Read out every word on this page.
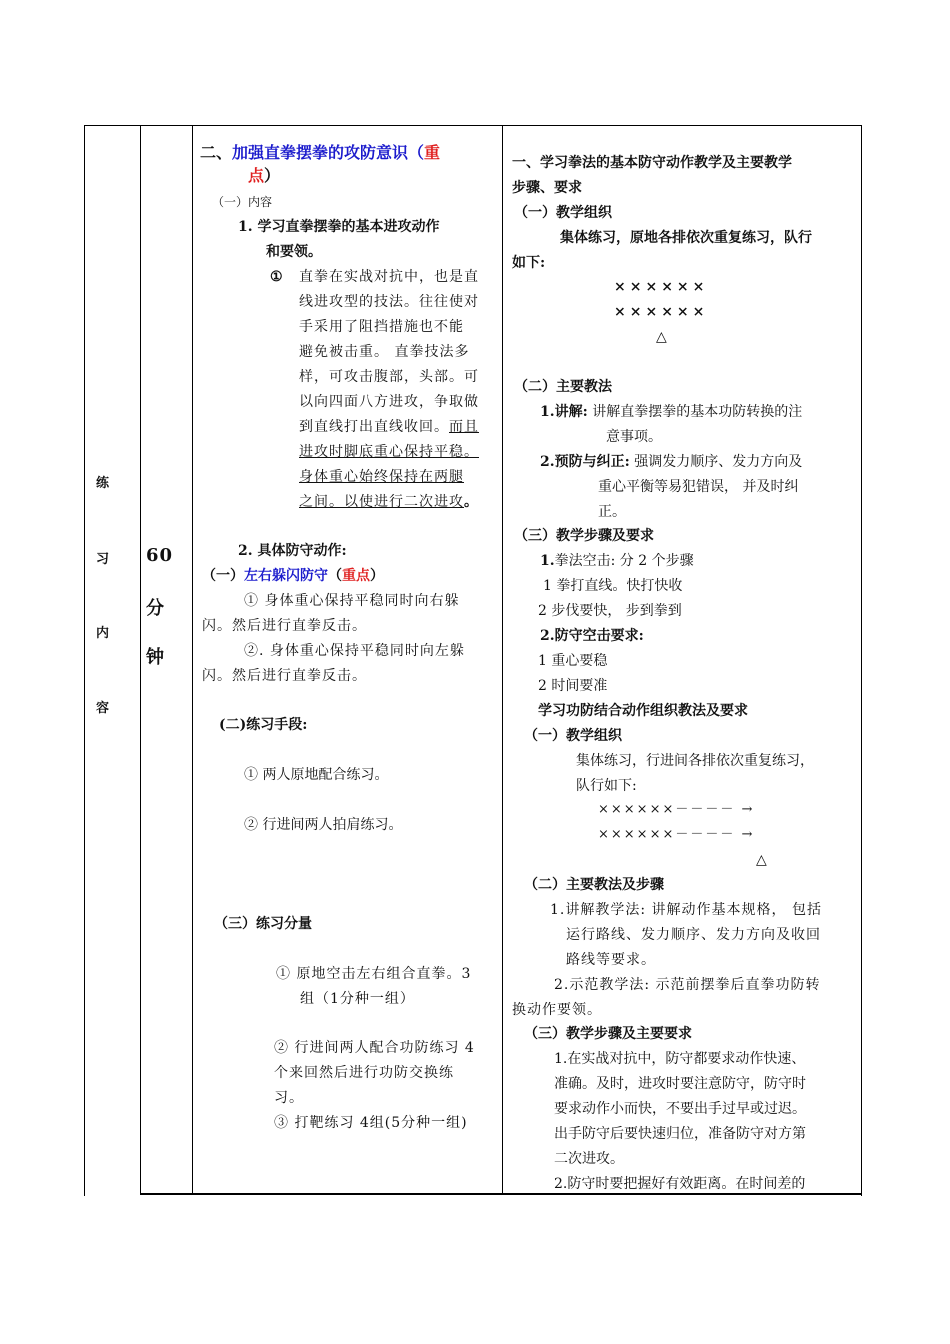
练
习
内
容
60
分
钟
二、加强直拳摆拳的攻防意识（重
点）
（一）内容
1. 学习直拳摆拳的基本进攻动作
和要领。
① 直拳在实战对抗中，也是直
线进攻型的技法。往往使对
手采用了阻挡措施也不能
避免被击重。 直拳技法多
样，可攻击腹部，头部。可
以向四面八方进攻，争取做
到直线打出直线收回。而且
进攻时脚底重心保持平稳。
身体重心始终保持在两腿
之间。以使进行二次进攻。
2. 具体防守动作:
（一）左右躲闪防守（重点）
① 身体重心保持平稳同时向右躲
闪。然后进行直拳反击。
②. 身体重心保持平稳同时向左躲
闪。然后进行直拳反击。
(二)练习手段:
① 两人原地配合练习。
② 行进间两人拍肩练习。
（三）练习分量
① 原地空击左右组合直拳。3
组（1分种一组）
② 行进间两人配合功防练习 4
个来回然后进行功防交换练
习。
③ 打靶练习 4组(5分种一组)
一、学习拳法的基本防守动作教学及主要教学
步骤、要求
（一）教学组织
集体练习，原地各排依次重复练习，队行
如下:
××××××
××××××
△
（二）主要教法
1.讲解: 讲解直拳摆拳的基本功防转换的注
意事项。
2.预防与纠正: 强调发力顺序、发力方向及
重心平衡等易犯错误， 并及时纠
正。
（三）教学步骤及要求
1.拳法空击: 分 2 个步骤
1 拳打直线。快打快收
2 步伐要快， 步到拳到
2.防守空击要求:
1 重心要稳
2 时间要准
学习功防结合动作组织教法及要求
（一）教学组织
集体练习，行进间各排依次重复练习，
队行如下:
××××××－－－－ →
××××××－－－－ →
△
（二）主要教法及步骤
1.讲解教学法: 讲解动作基本规格， 包括
运行路线、发力顺序、发力方向及收回
路线等要求。
2.示范教学法: 示范前摆拳后直拳功防转
换动作要领。
（三）教学步骤及主要要求
1.在实战对抗中，防守都要求动作快速、
准确。及时，进攻时要注意防守，防守时
要求动作小而快，不要出手过早或过迟。
出手防守后要快速归位，准备防守对方第
二次进攻。
2.防守时要把握好有效距离。在时间差的
